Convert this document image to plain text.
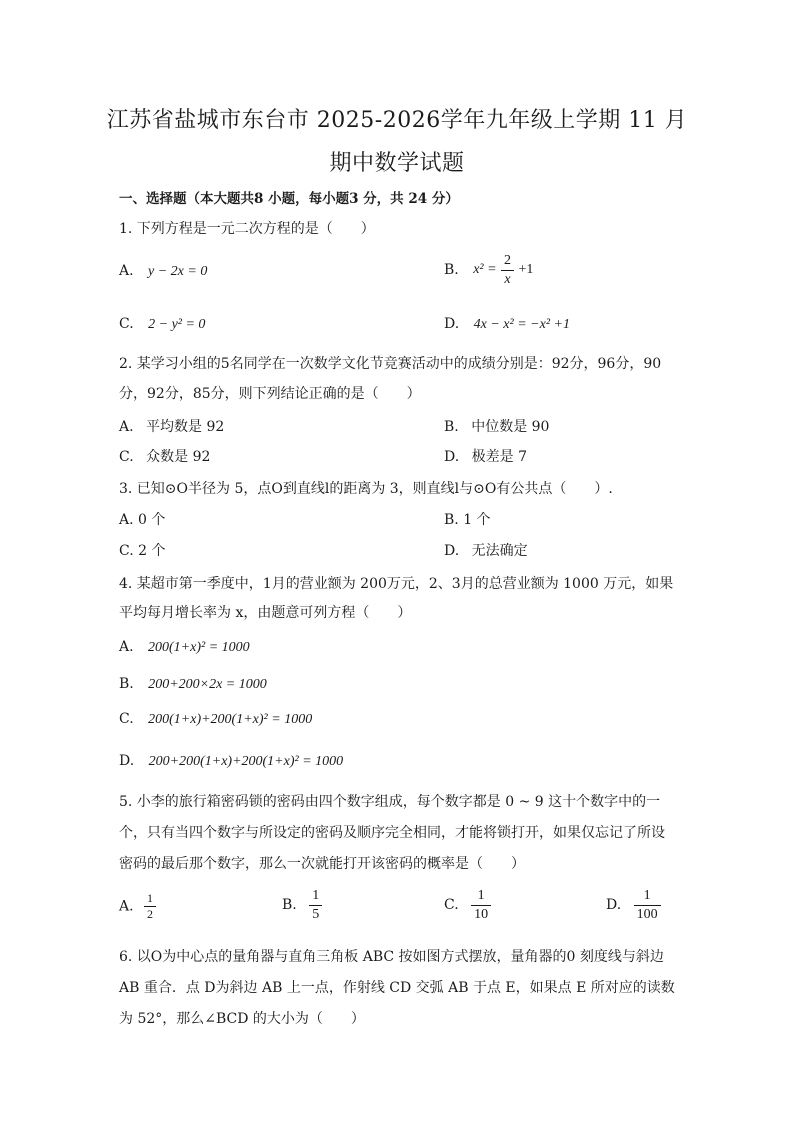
江苏省盐城市东台市 2025-2026学年九年级上学期 11 月
期中数学试题
一、选择题（本大题共8 小题，每小题3 分，共 24 分）
1. 下列方程是一元二次方程的是（　　）
A. y − 2x = 0	B. $x^2 = \frac{2}{x} +1$
C. 2 − y² = 0	D. 4x − x² = −x² +1
2. 某学习小组的5名同学在一次数学文化节竞赛活动中的成绩分别是：92分，96分，90
分，92分，85分，则下列结论正确的是（　　）
A. 平均数是 92	B. 中位数是 90
C. 众数是 92	D. 极差是 7
3. 已知⊙O半径为 5，点O到直线l的距离为 3，则直线l与⊙O有公共点（　　）.
A. 0 个	B. 1 个
C. 2 个	D. 无法确定
4. 某超市第一季度中，1月的营业额为 200万元，2、3月的总营业额为 1000 万元，如果
平均每月增长率为 x，由题意可列方程（　　）
A. 200(1+x)² = 1000
B. 200+200×2x = 1000
C. 200(1+x)+200(1+x)² = 1000
D. 200+200(1+x)+200(1+x)² = 1000
5. 小李的旅行箱密码锁的密码由四个数字组成，每个数字都是 0 ~ 9 这十个数字中的一
个，只有当四个数字与所设定的密码及顺序完全相同，才能将锁打开，如果仅忘记了所设
密码的最后那个数字，那么一次就能打开该密码的概率是（　　）
A. $\frac{1}{2}$	B. $\frac{1}{5}$	C. $\frac{1}{10}$	D. $\frac{1}{100}$
6. 以O为中心点的量角器与直角三角板 ABC 按如图方式摆放，量角器的0 刻度线与斜边
AB 重合．点 D为斜边 AB 上一点，作射线 CD 交弧 AB 于点 E，如果点 E 所对应的读数
为 52°，那么∠BCD 的大小为（　　）
